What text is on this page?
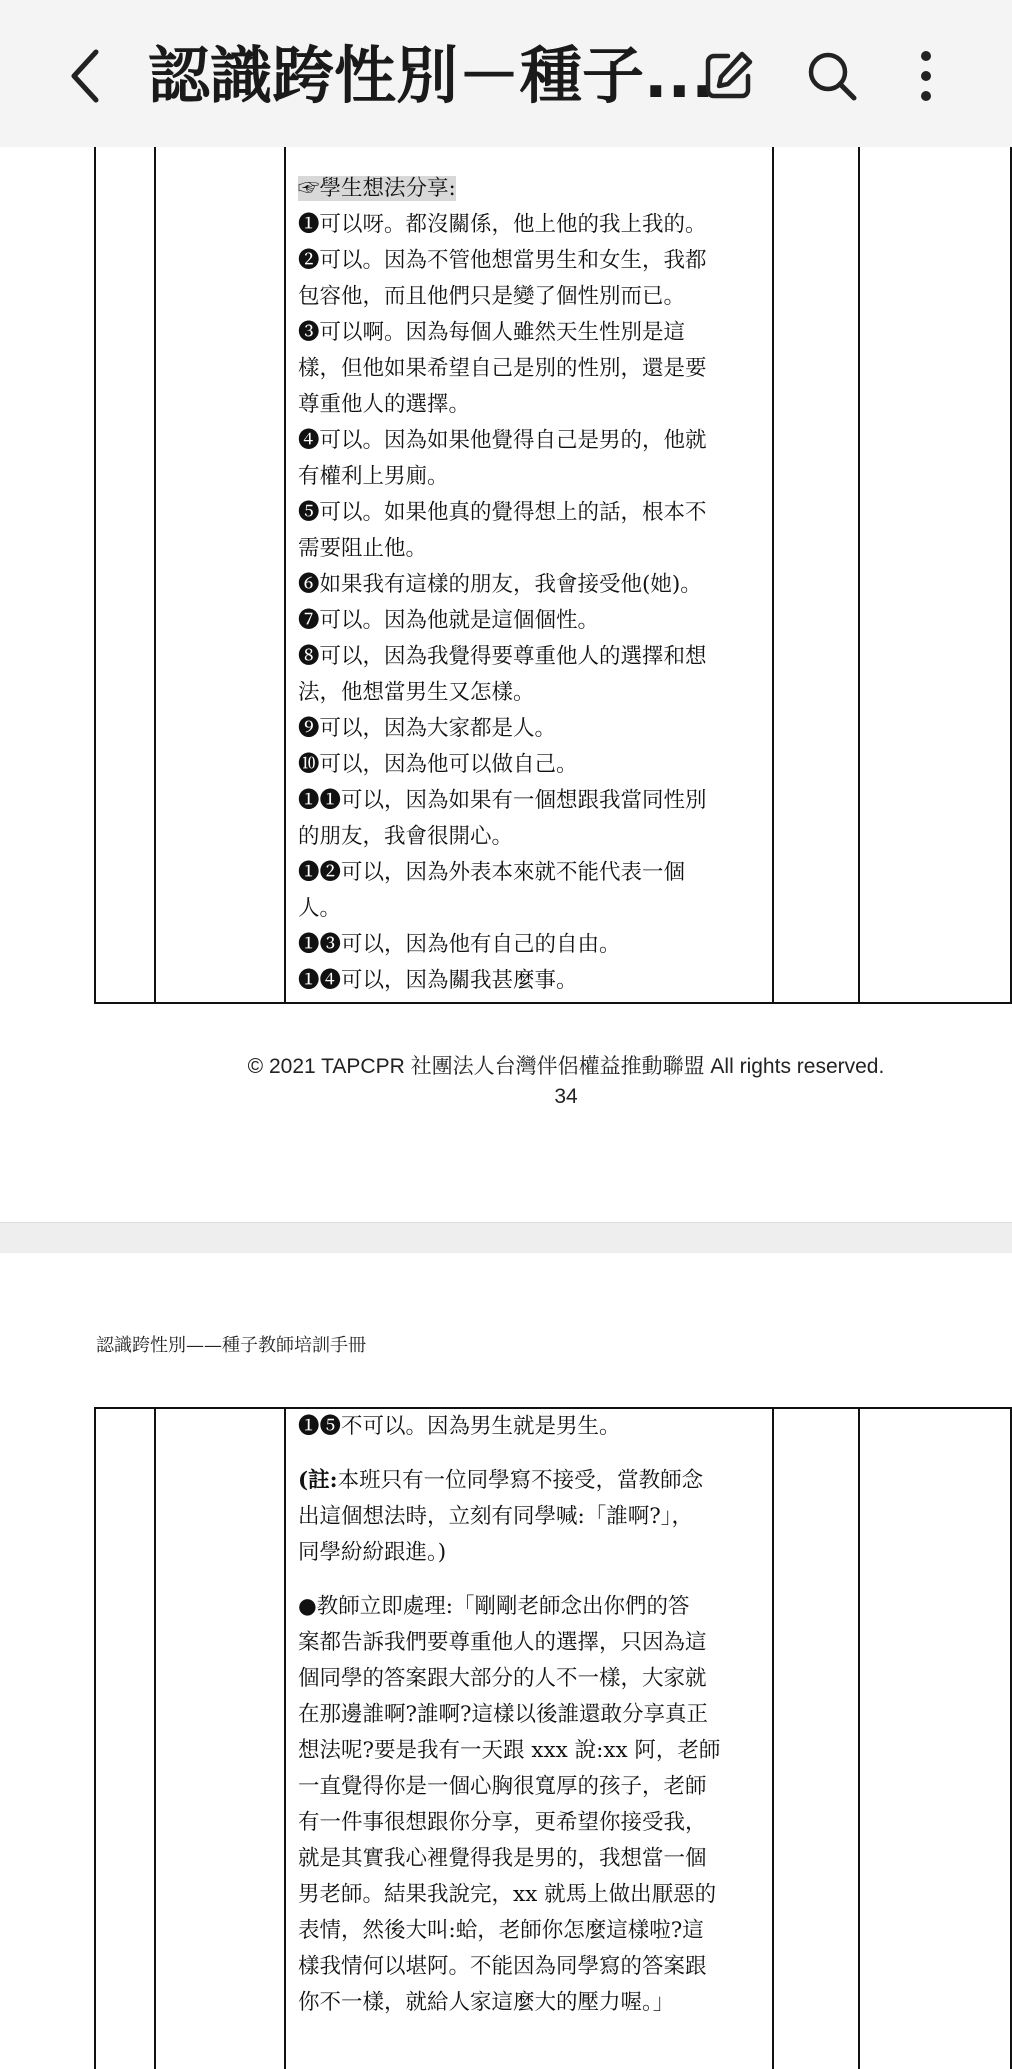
認識跨性別－種子...

☞學生想法分享:

❶可以呀。都沒關係，他上他的我上我的。

❷可以。因為不管他想當男生和女生，我都

包容他，而且他們只是變了個性別而已。

❸可以啊。因為每個人雖然天生性別是這

樣，但他如果希望自己是別的性別，還是要

尊重他人的選擇。

❹可以。因為如果他覺得自己是男的，他就

有權利上男廁。

❺可以。如果他真的覺得想上的話，根本不

需要阻止他。

❻如果我有這樣的朋友，我會接受他(她)。

❼可以。因為他就是這個個性。

❽可以，因為我覺得要尊重他人的選擇和想

法，他想當男生又怎樣。

❾可以，因為大家都是人。

❿可以，因為他可以做自己。

❶❶可以，因為如果有一個想跟我當同性別

的朋友，我會很開心。

❶❷可以，因為外表本來就不能代表一個

人。

❶❸可以，因為他有自己的自由。

❶❹可以，因為關我甚麼事。

© 2021 TAPCPR 社團法人台灣伴侶權益推動聯盟 All rights reserved.
34
認識跨性別——種子教師培訓手冊

❶❺不可以。因為男生就是男生。

(註:本班只有一位同學寫不接受，當教師念

出這個想法時，立刻有同學喊:「誰啊?」，

同學紛紛跟進。)

●教師立即處理:「剛剛老師念出你們的答

案都告訴我們要尊重他人的選擇，只因為這

個同學的答案跟大部分的人不一樣，大家就

在那邊誰啊?誰啊?這樣以後誰還敢分享真正

想法呢?要是我有一天跟 xxx 說:xx 阿，老師

一直覺得你是一個心胸很寬厚的孩子，老師

有一件事很想跟你分享，更希望你接受我，

就是其實我心裡覺得我是男的，我想當一個

男老師。結果我說完，xx 就馬上做出厭惡的

表情，然後大叫:蛤，老師你怎麼這樣啦?這

樣我情何以堪阿。不能因為同學寫的答案跟

你不一樣，就給人家這麼大的壓力喔。」
